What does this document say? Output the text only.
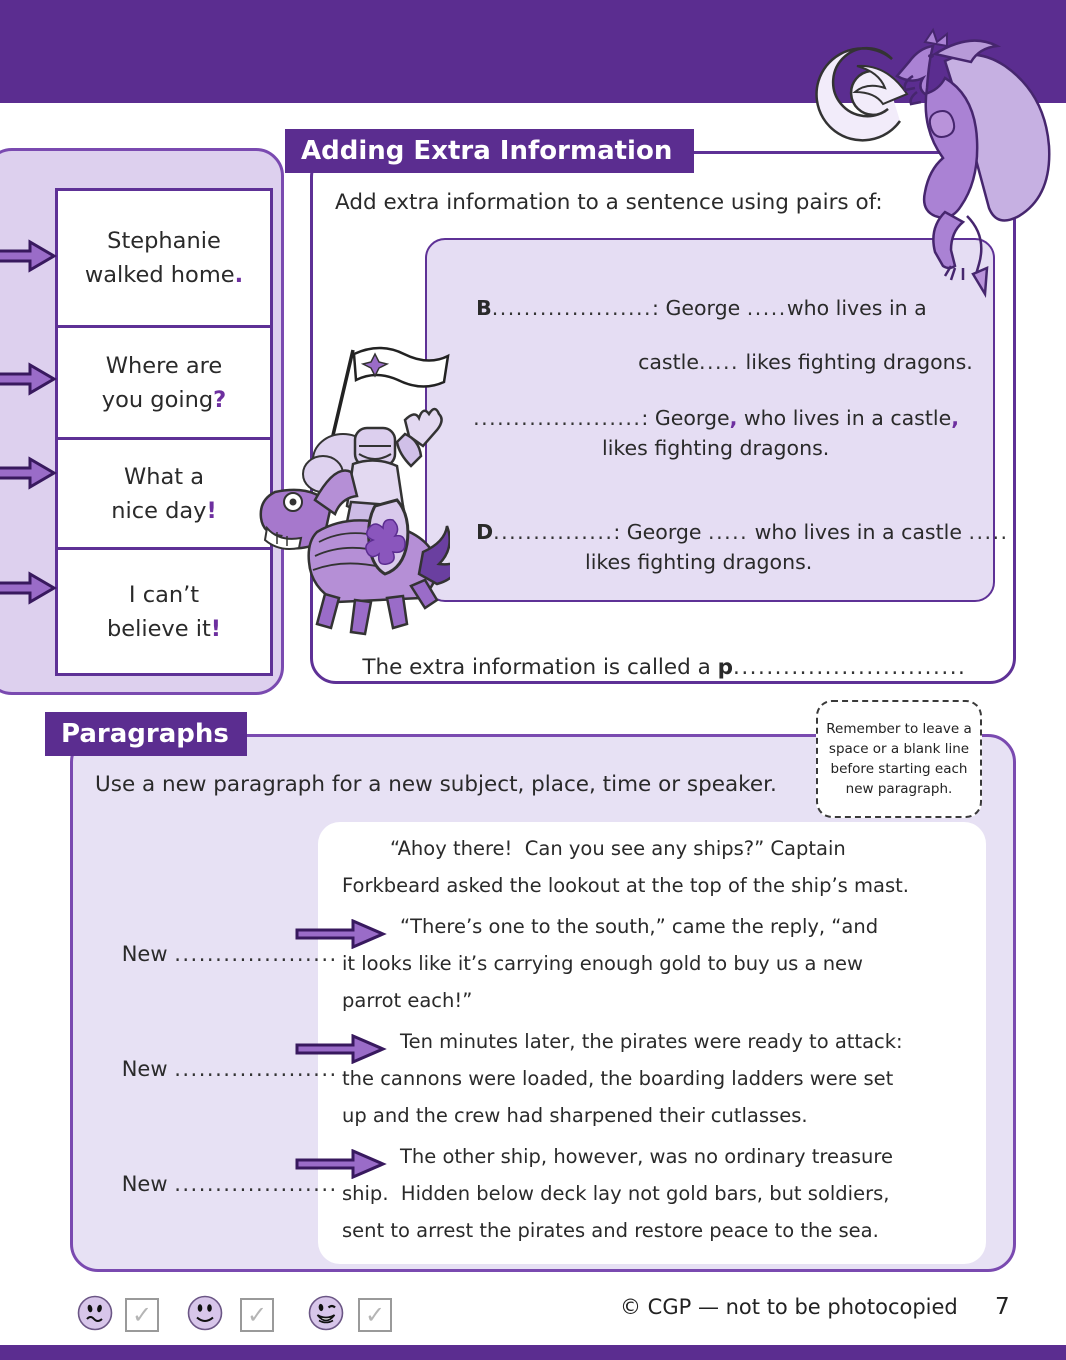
Stephanie
walked home.
Where are
you going?
What a
nice day!
I can’t
believe it!
Adding Extra Information
Add extra information to a sentence using pairs of:

B....................: George .....who lives in a

castle..... likes fighting dragons.

.....................: George, who lives in a castle,

likes fighting dragons.

D...............: George ..... who lives in a castle .....

likes fighting dragons.

The extra information is called a p............................

Paragraphs
Use a new paragraph for a new subject, place, time or speaker.
Remember to leave a
space or a blank line
before starting each
new paragraph.
“Ahoy there!  Can you see any ships?” Captain
Forkbeard asked the lookout at the top of the ship’s mast.
“There’s one to the south,” came the reply, “and
it looks like it’s carrying enough gold to buy us a new
parrot each!”
Ten minutes later, the pirates were ready to attack:
the cannons were loaded, the boarding ladders were set
up and the crew had sharpened their cutlasses.
The other ship, however, was no ordinary treasure
ship.  Hidden below deck lay not gold bars, but soldiers,
sent to arrest the pirates and restore peace to the sea.

New ....................

New ....................

New ....................

✓	✓	✓	© CGP — not to be photocopied 7
